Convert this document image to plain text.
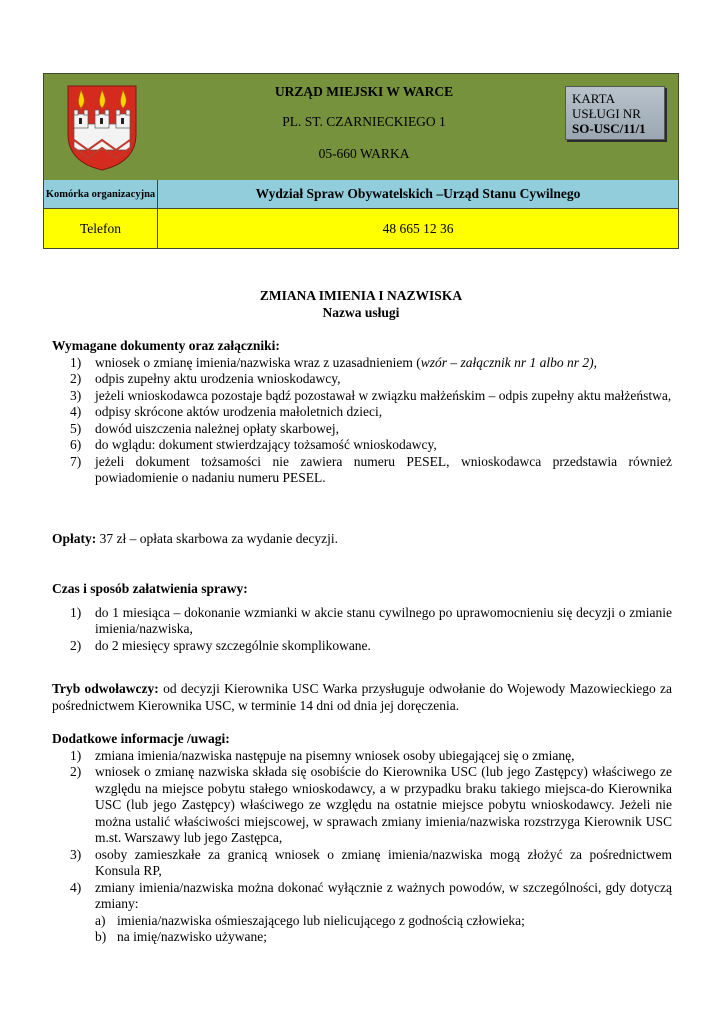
URZĄD MIEJSKI W WARCE
PL. ST. CZARNIECKIEGO 1
05-660 WARKA
KARTA
USŁUGI NR
SO-USC/11/1
Komórka organizacyjna	Wydział Spraw Obywatelskich –Urząd Stanu Cywilnego
Telefon	48 665 12 36
ZMIANA IMIENIA I NAZWISKA
Nazwa usługi
Wymagane dokumenty oraz załączniki:
1) wniosek o zmianę imienia/nazwiska wraz z uzasadnieniem (wzór – załącznik nr 1 albo nr 2),
2) odpis zupełny aktu urodzenia wnioskodawcy,
3) jeżeli wnioskodawca pozostaje bądź pozostawał w związku małżeńskim – odpis zupełny aktu małżeństwa,
4) odpisy skrócone aktów urodzenia małoletnich dzieci,
5) dowód uiszczenia należnej opłaty skarbowej,
6) do wglądu: dokument stwierdzający tożsamość wnioskodawcy,
7) jeżeli dokument tożsamości nie zawiera numeru PESEL, wnioskodawca przedstawia również powiadomienie o nadaniu numeru PESEL.
Opłaty: 37 zł – opłata skarbowa za wydanie decyzji.
Czas i sposób załatwienia sprawy:
1) do 1 miesiąca – dokonanie wzmianki w akcie stanu cywilnego po uprawomocnieniu się decyzji o zmianie imienia/nazwiska,
2) do 2 miesięcy sprawy szczególnie skomplikowane.
Tryb odwoławczy: od decyzji Kierownika USC Warka przysługuje odwołanie do Wojewody Mazowieckiego za pośrednictwem Kierownika USC, w terminie 14 dni od dnia jej doręczenia.
Dodatkowe informacje /uwagi:
1) zmiana imienia/nazwiska następuje na pisemny wniosek osoby ubiegającej się o zmianę,
2) wniosek o zmianę nazwiska składa się osobiście do Kierownika USC (lub jego Zastępcy) właściwego ze względu na miejsce pobytu stałego wnioskodawcy, a w przypadku braku takiego miejsca-do Kierownika USC (lub jego Zastępcy) właściwego ze względu na ostatnie miejsce pobytu wnioskodawcy. Jeżeli nie można ustalić właściwości miejscowej, w sprawach zmiany imienia/nazwiska rozstrzyga Kierownik USC m.st. Warszawy lub jego Zastępca,
3) osoby zamieszkałe za granicą wniosek o zmianę imienia/nazwiska mogą złożyć za pośrednictwem Konsula RP,
4) zmiany imienia/nazwiska można dokonać wyłącznie z ważnych powodów, w szczególności, gdy dotyczą zmiany:
a) imienia/nazwiska ośmieszającego lub nielicującego z godnością człowieka;
b) na imię/nazwisko używane;
